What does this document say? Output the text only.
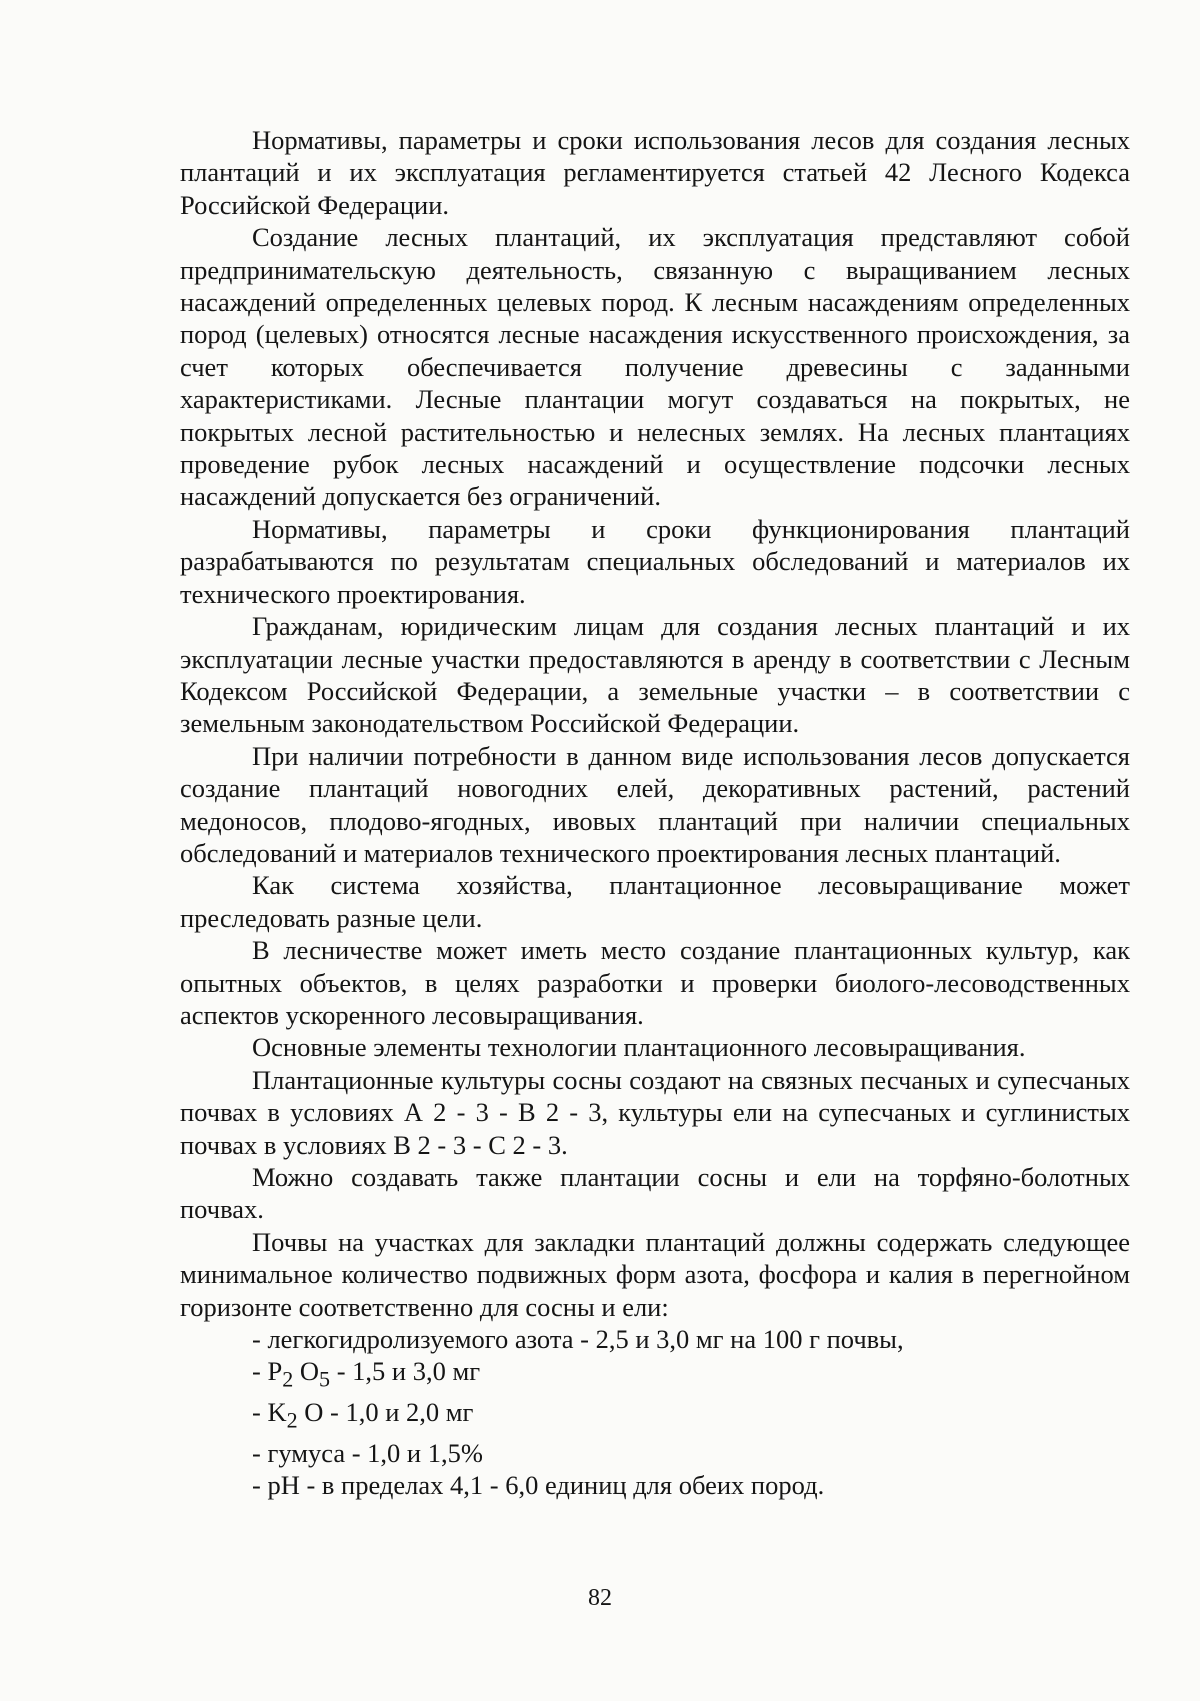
Нормативы, параметры и сроки использования лесов для создания лесных плантаций и их эксплуатация регламентируется статьей 42 Лесного Кодекса Российской Федерации.

Создание лесных плантаций, их эксплуатация представляют собой предпринимательскую деятельность, связанную с выращиванием лесных насаждений определенных целевых пород. К лесным насаждениям определенных пород (целевых) относятся лесные насаждения искусственного происхождения, за счет которых обеспечивается получение древесины с заданными характеристиками. Лесные плантации могут создаваться на покрытых, не покрытых лесной растительностью и нелесных землях. На лесных плантациях проведение рубок лесных насаждений и осуществление подсочки лесных насаждений допускается без ограничений.

Нормативы, параметры и сроки функционирования плантаций разрабатываются по результатам специальных обследований и материалов их технического проектирования.

Гражданам, юридическим лицам для создания лесных плантаций и их эксплуатации лесные участки предоставляются в аренду в соответствии с Лесным Кодексом Российской Федерации, а земельные участки – в соответствии с земельным законодательством Российской Федерации.

При наличии потребности в данном виде использования лесов допускается создание плантаций новогодних елей, декоративных растений, растений медоносов, плодово-ягодных, ивовых плантаций при наличии специальных обследований и материалов технического проектирования лесных плантаций.

Как система хозяйства, плантационное лесовыращивание может преследовать разные цели.

В лесничестве может иметь место создание плантационных культур, как опытных объектов, в целях разработки и проверки биолого-лесоводственных аспектов ускоренного лесовыращивания.

Основные элементы технологии плантационного лесовыращивания.

Плантационные культуры сосны создают на связных песчаных и супесчаных почвах в условиях А 2 - 3 - В 2 - 3, культуры ели на супесчаных и суглинистых почвах в условиях В 2 - 3 - С 2 - 3.

Можно создавать также плантации сосны и ели на торфяно-болотных почвах.

Почвы на участках для закладки плантаций должны содержать следующее минимальное количество подвижных форм азота, фосфора и калия в перегнойном горизонте соответственно для сосны и ели:

- легкогидролизуемого азота - 2,5 и 3,0 мг на 100 г почвы,
- $P_2$ $O_5 - 1,5$ и 3,0 мг
- $K_2$ O - 1,0 и 2,0 мг
- гумуса - 1,0 и 1,5%
- pH - в пределах 4,1 - 6,0 единиц для обеих пород.
82
